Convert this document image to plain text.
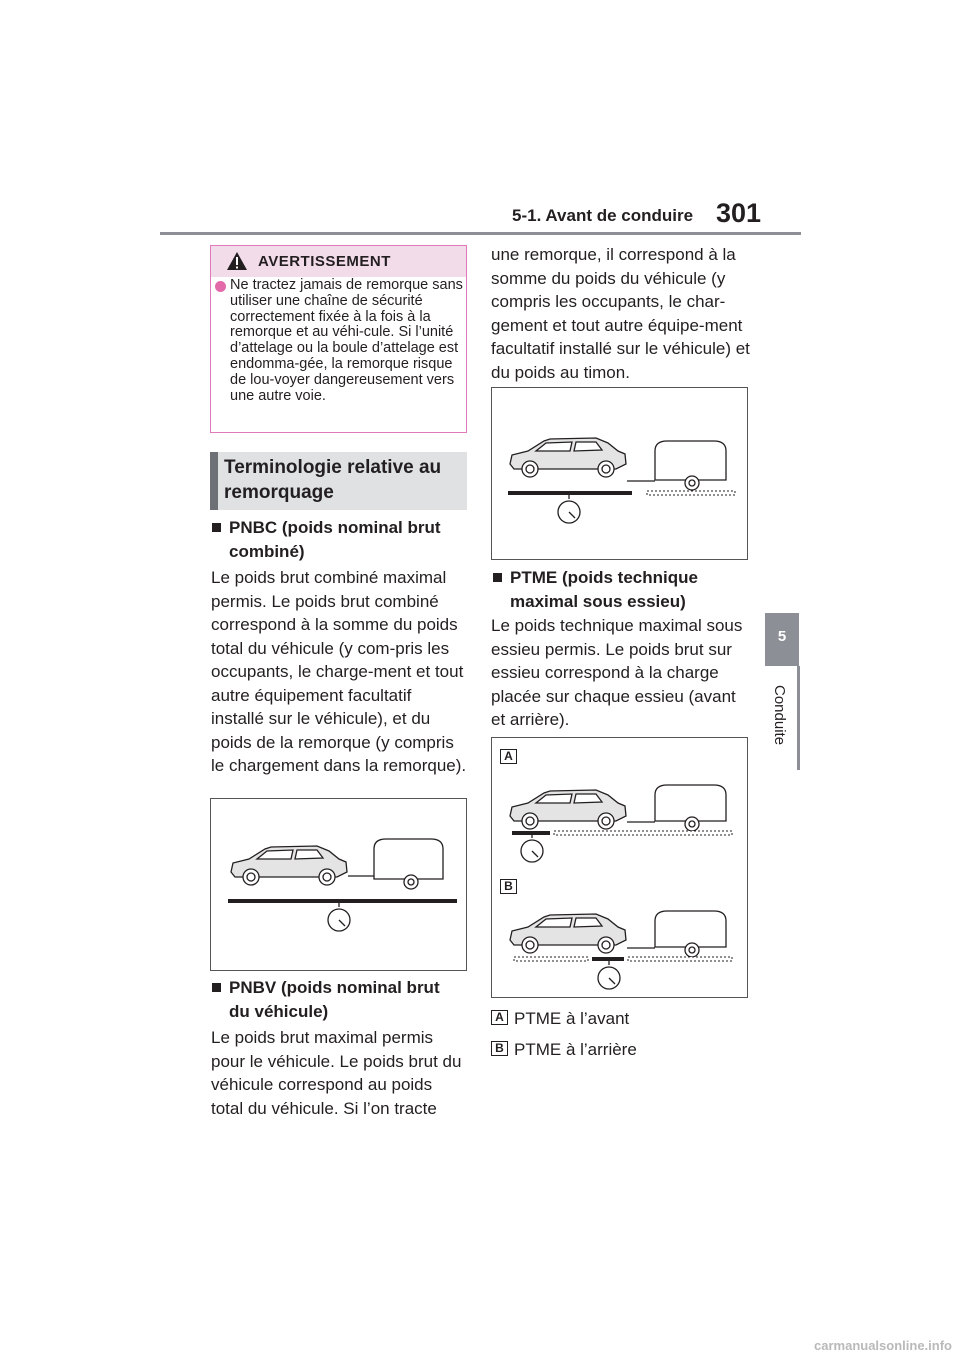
5-1. Avant de conduire 301
5
Conduite
AVERTISSEMENT
Ne tractez jamais de remorque sans utiliser une chaîne de sécurité correctement fixée à la fois à la remorque et au véhi-cule. Si l’unité d’attelage ou la boule d’attelage est endomma-gée, la remorque risque de lou-voyer dangereusement vers une autre voie.
Terminologie relative au remorquage
PNBC (poids nominal brut combiné)
Le poids brut combiné maximal permis. Le poids brut combiné correspond à la somme du poids total du véhicule (y com-pris les occupants, le charge-ment et tout autre équipement facultatif installé sur le véhicule), et du poids de la remorque (y compris le chargement dans la remorque).
PNBV (poids nominal brut du véhicule)
Le poids brut maximal permis pour le véhicule. Le poids brut du véhicule correspond au poids total du véhicule. Si l’on tracte
une remorque, il correspond à la somme du poids du véhicule (y compris les occupants, le char-gement et tout autre équipe-ment facultatif installé sur le véhicule) et du poids au timon.
PTME (poids technique maximal sous essieu)
Le poids technique maximal sous essieu permis. Le poids brut sur essieu correspond à la charge placée sur chaque essieu (avant et arrière).
A
B
A PTME à l’avant
B PTME à l’arrière
carmanualsonline.info
